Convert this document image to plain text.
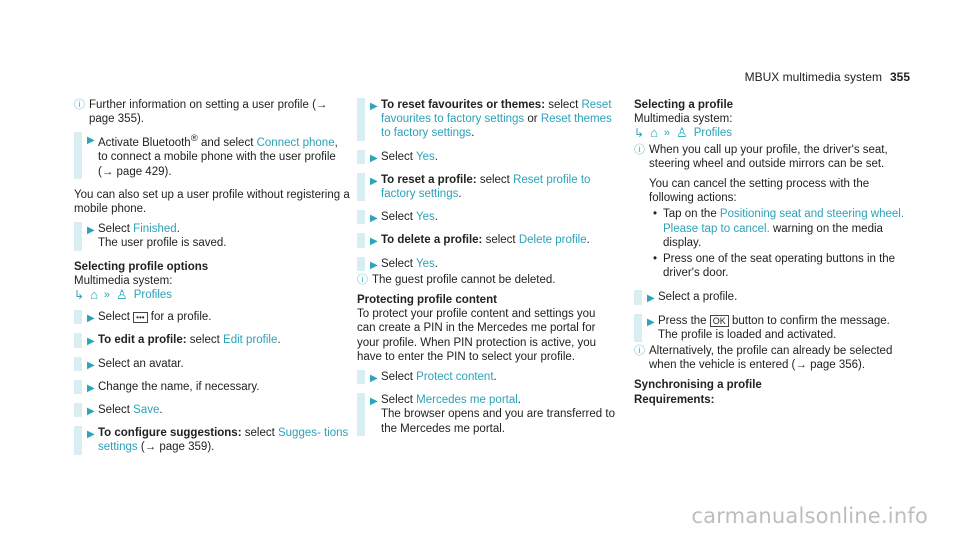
MBUX multimedia system 355
ⓘ Further information on setting a user profile (→ page 355).
▶ Activate Bluetooth® and select Connect phone, to connect a mobile phone with the user profile (→ page 429).
You can also set up a user profile without registering a mobile phone.
▶ Select Finished.
The user profile is saved.
Selecting profile options
Multimedia system:
↳ ⌂ » ♙ Profiles
▶ Select ••• for a profile.
▶ To edit a profile: select Edit profile.
▶ Select an avatar.
▶ Change the name, if necessary.
▶ Select Save.
▶ To configure suggestions: select Sugges- tions settings (→ page 359).
▶ To reset favourites or themes: select Reset favourites to factory settings or Reset themes to factory settings.
▶ Select Yes.
▶ To reset a profile: select Reset profile to factory settings.
▶ Select Yes.
▶ To delete a profile: select Delete profile.
▶ Select Yes.
ⓘ The guest profile cannot be deleted.
Protecting profile content
To protect your profile content and settings you can create a PIN in the Mercedes me portal for your profile. When PIN protection is active, you have to enter the PIN to select your profile.
▶ Select Protect content.
▶ Select Mercedes me portal.
The browser opens and you are transferred to the Mercedes me portal.
Selecting a profile
Multimedia system:
↳ ⌂ » ♙ Profiles
ⓘ When you call up your profile, the driver's seat, steering wheel and outside mirrors can be set.
You can cancel the setting process with the following actions:
• Tap on the Positioning seat and steering wheel. Please tap to cancel. warning on the media display.
• Press one of the seat operating buttons in the driver's door.
▶ Select a profile.
▶ Press the OK button to confirm the message.
The profile is loaded and activated.
ⓘ Alternatively, the profile can already be selected when the vehicle is entered (→ page 356).
Synchronising a profile
Requirements:
carmanualsonline.info
